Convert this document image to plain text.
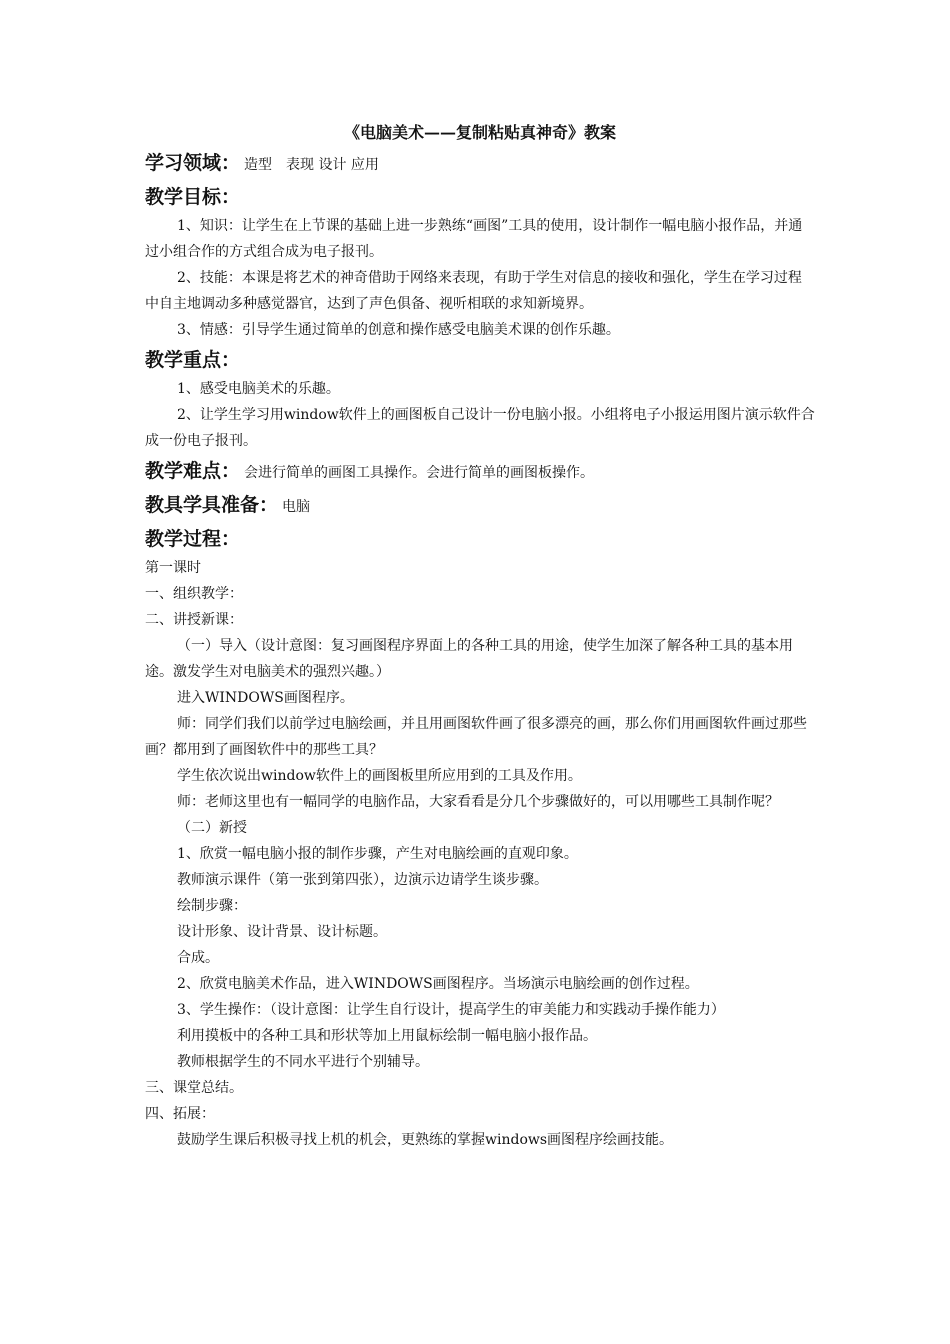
《电脑美术——复制粘贴真神奇》教案
学习领域： 造型　表现 设计 应用
教学目标：

1、知识：让学生在上节课的基础上进一步熟练“画图”工具的使用，设计制作一幅电脑小报作品，并通过小组合作的方式组合成为电子报刊。

2、技能：本课是将艺术的神奇借助于网络来表现，有助于学生对信息的接收和强化，学生在学习过程中自主地调动多种感觉器官，达到了声色俱备、视听相联的求知新境界。

3、情感：引导学生通过简单的创意和操作感受电脑美术课的创作乐趣。

教学重点：

1、感受电脑美术的乐趣。

2、让学生学习用window软件上的画图板自己设计一份电脑小报。小组将电子小报运用图片演示软件合成一份电子报刊。

教学难点： 会进行简单的画图工具操作。会进行简单的画图板操作。
教具学具准备： 电脑
教学过程：

第一课时

一、组织教学：

二、讲授新课：

（一）导入（设计意图：复习画图程序界面上的各种工具的用途，使学生加深了解各种工具的基本用途。激发学生对电脑美术的强烈兴趣。）

进入WINDOWS画图程序。

师：同学们我们以前学过电脑绘画，并且用画图软件画了很多漂亮的画，那么你们用画图软件画过那些画？都用到了画图软件中的那些工具？

学生依次说出window软件上的画图板里所应用到的工具及作用。

师：老师这里也有一幅同学的电脑作品，大家看看是分几个步骤做好的，可以用哪些工具制作呢？

（二）新授

1、欣赏一幅电脑小报的制作步骤，产生对电脑绘画的直观印象。

教师演示课件（第一张到第四张），边演示边请学生谈步骤。

绘制步骤：

设计形象、设计背景、设计标题。

合成。

2、欣赏电脑美术作品，进入WINDOWS画图程序。当场演示电脑绘画的创作过程。

3、学生操作：（设计意图：让学生自行设计，提高学生的审美能力和实践动手操作能力）

利用摸板中的各种工具和形状等加上用鼠标绘制一幅电脑小报作品。

教师根据学生的不同水平进行个别辅导。

三、课堂总结。

四、拓展：

鼓励学生课后积极寻找上机的机会，更熟练的掌握windows画图程序绘画技能。
